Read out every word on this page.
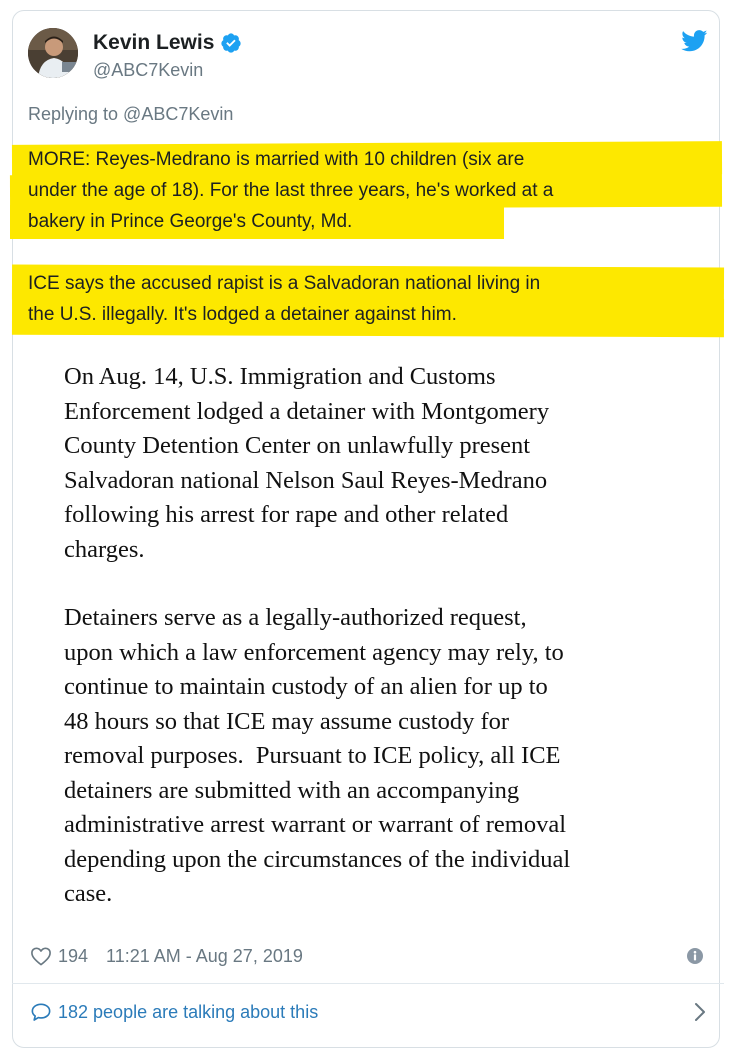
Kevin Lewis
@ABC7Kevin
Replying to @ABC7Kevin
MORE: Reyes-Medrano is married with 10 children (six are
under the age of 18). For the last three years, he's worked at a
bakery in Prince George's County, Md.
ICE says the accused rapist is a Salvadoran national living in
the U.S. illegally. It's lodged a detainer against him.

On Aug. 14, U.S. Immigration and Customs

Enforcement lodged a detainer with Montgomery

County Detention Center on unlawfully present

Salvadoran national Nelson Saul Reyes-Medrano

following his arrest for rape and other related

charges.

Detainers serve as a legally-authorized request,

upon which a law enforcement agency may rely, to

continue to maintain custody of an alien for up to

48 hours so that ICE may assume custody for

removal purposes.  Pursuant to ICE policy, all ICE

detainers are submitted with an accompanying

administrative arrest warrant or warrant of removal

depending upon the circumstances of the individual

case.

194 11:21 AM - Aug 27, 2019
182 people are talking about this
